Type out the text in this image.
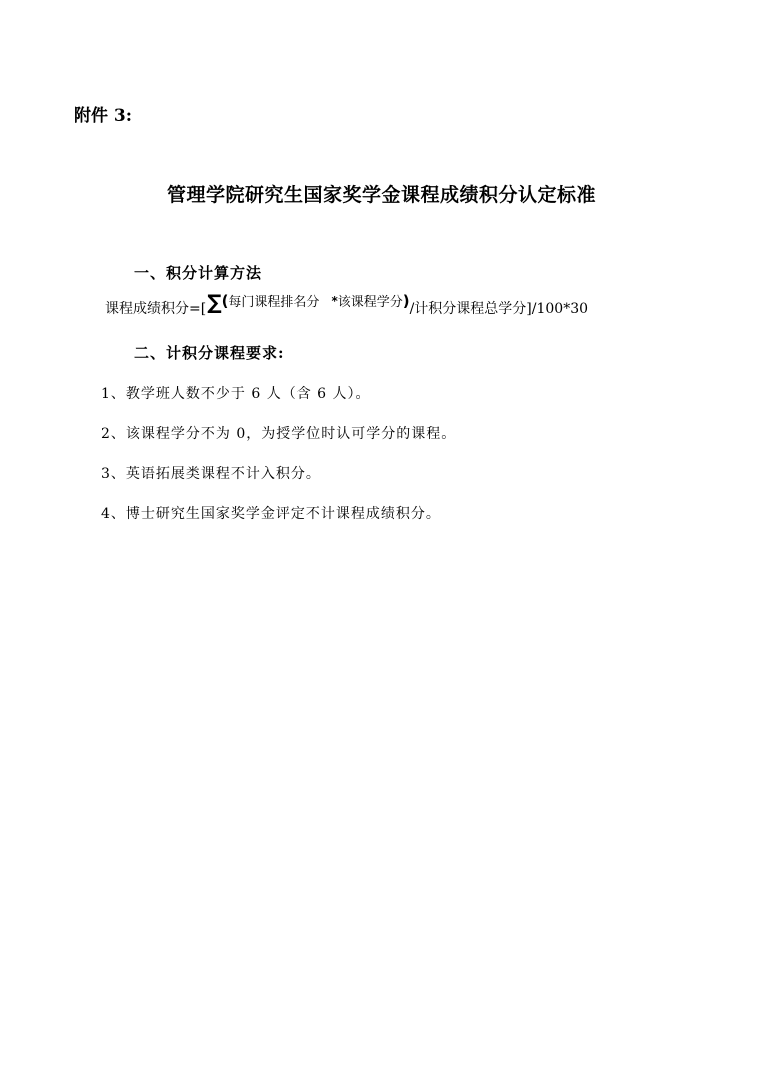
附件 3:
管理学院研究生国家奖学金课程成绩积分认定标准
一、积分计算方法
课程成绩积分=[ ∑ ( 每门课程排名分 * 该课程学分 ) /计积分课程总学分]/100*30
二、计积分课程要求:
1、教学班人数不少于 6 人（含 6 人）。
2、该课程学分不为 0，为授学位时认可学分的课程。
3、英语拓展类课程不计入积分。
4、博士研究生国家奖学金评定不计课程成绩积分。
